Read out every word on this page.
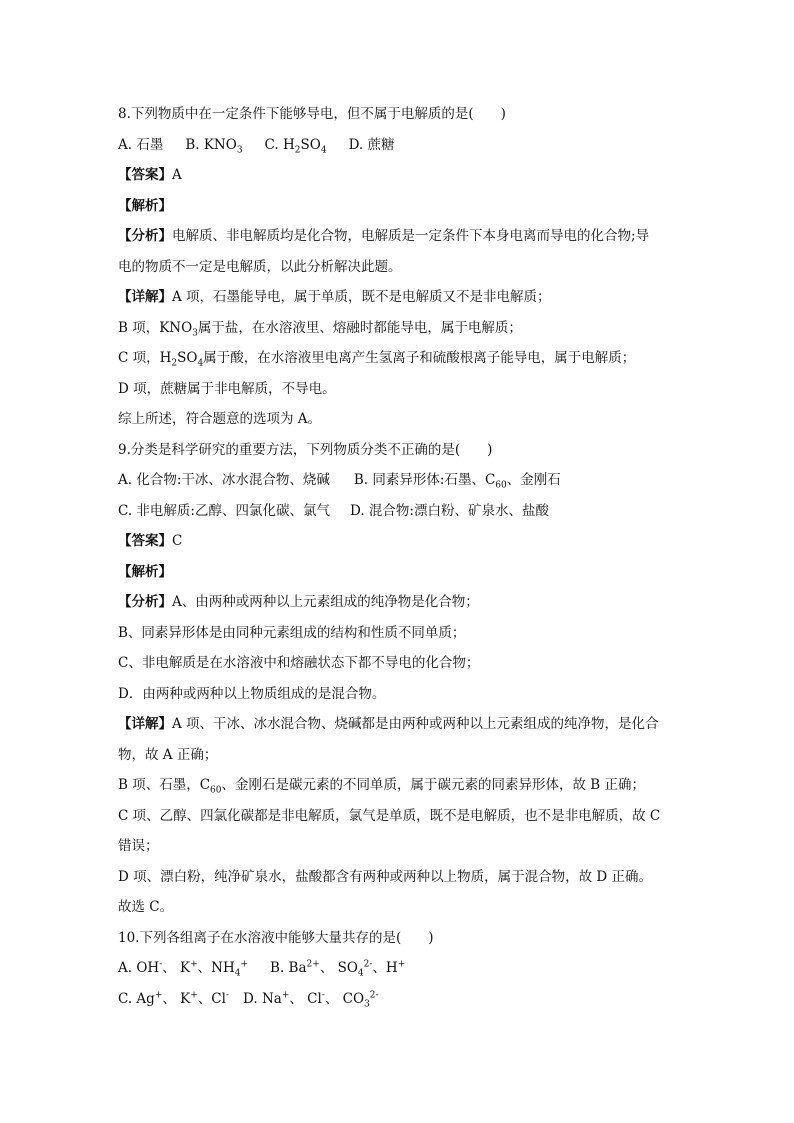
8.下列物质中在一定条件下能够导电，但不属于电解质的是(　　)
A. 石墨 B. $KNO_3$ C. $H_2SO_4$ D. 蔗糖
【答案】A
【解析】
【分析】电解质、非电解质均是化合物，电解质是一定条件下本身电离而导电的化合物;导
电的物质不一定是电解质，以此分析解决此题。
【详解】A 项，石墨能导电，属于单质，既不是电解质又不是非电解质；
B 项，$KNO_3$属于盐，在水溶液里、熔融时都能导电，属于电解质；
C 项，$H_2SO_4$属于酸，在水溶液里电离产生氢离子和硫酸根离子能导电，属于电解质；
D 项，蔗糖属于非电解质，不导电。
综上所述，符合题意的选项为 A。
9.分类是科学研究的重要方法，下列物质分类不正确的是(　　)
A. 化合物:干冰、冰水混合物、烧碱 B. 同素异形体:石墨、$C_{60}$、金刚石
C. 非电解质:乙醇、四氯化碳、氯气 D. 混合物:漂白粉、矿泉水、盐酸
【答案】C
【解析】
【分析】A、由两种或两种以上元素组成的纯净物是化合物；
B、同素异形体是由同种元素组成的结构和性质不同单质；
C、非电解质是在水溶液中和熔融状态下都不导电的化合物；
D．由两种或两种以上物质组成的是混合物。
【详解】A 项、干冰、冰水混合物、烧碱都是由两种或两种以上元素组成的纯净物，是化合
物，故 A 正确；
B 项、石墨，$C_{60}$、金刚石是碳元素的不同单质，属于碳元素的同素异形体，故 B 正确；
C 项、乙醇、四氯化碳都是非电解质，氯气是单质，既不是电解质，也不是非电解质，故 C
错误；
D 项、漂白粉，纯净矿泉水，盐酸都含有两种或两种以上物质，属于混合物，故 D 正确。
故选 C。
10.下列各组离子在水溶液中能够大量共存的是(　　)
A. OH-、 K+、$NH_4^+$ B. $Ba^{2+}$、 $SO_4^{2-}$、H+
C. Ag+、 K+、Cl- D. Na+、 Cl-、 $CO_3^{2-}$
